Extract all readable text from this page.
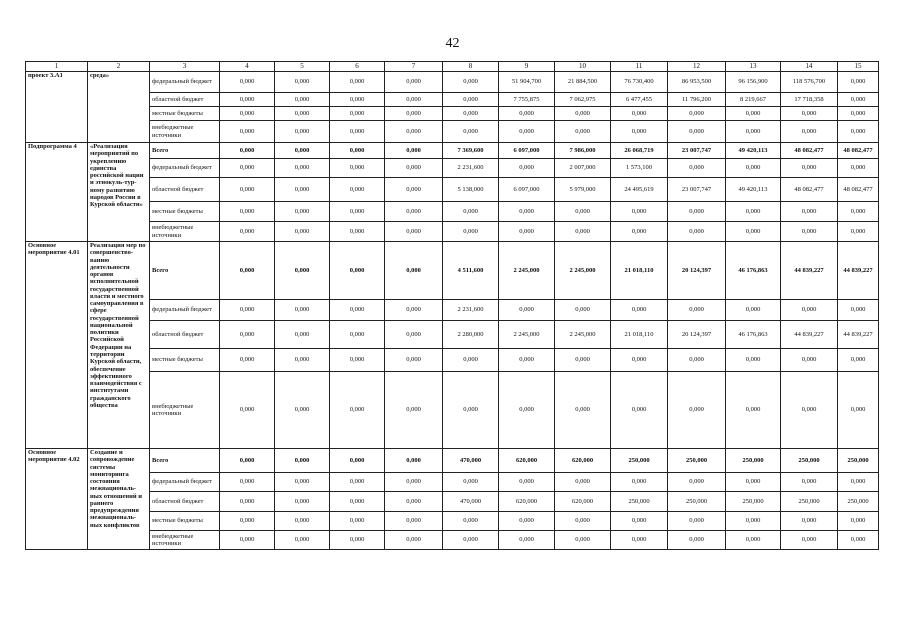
42
1	2	3	4	5	6	7	8	9	10	11	12	13	14	15
проект 3.А1	среда»	федеральный бюджет	0,000	0,000	0,000	0,000	0,000	51 904,700	21 884,500	76 730,400	86 953,500	96 156,900	118 576,700	0,000
		областной бюджет	0,000	0,000	0,000	0,000	0,000	7 755,875	7 062,975	6 477,455	11 796,200	8 219,667	17 718,358	0,000
		местные бюджеты	0,000	0,000	0,000	0,000	0,000	0,000	0,000	0,000	0,000	0,000	0,000	0,000
		внебюджетные источники	0,000	0,000	0,000	0,000	0,000	0,000	0,000	0,000	0,000	0,000	0,000	0,000
Подпрограмма 4	«Реализация мероприятий по укреплению единства российской нации и этнокуль-тур-ному развитию народов России в Курской области»	Всего	0,000	0,000	0,000	0,000	7 369,600	6 097,000	7 986,000	26 068,719	23 007,747	49 420,113	48 082,477	48 082,477
		федеральный бюджет	0,000	0,000	0,000	0,000	2 231,600	0,000	2 007,000	1 573,100	0,000	0,000	0,000	0,000
		областной бюджет	0,000	0,000	0,000	0,000	5 138,000	6 097,000	5 979,000	24 495,619	23 007,747	49 420,113	48 082,477	48 082,477
		местные бюджеты	0,000	0,000	0,000	0,000	0,000	0,000	0,000	0,000	0,000	0,000	0,000	0,000
		внебюджетные источники	0,000	0,000	0,000	0,000	0,000	0,000	0,000	0,000	0,000	0,000	0,000	0,000
Основное мероприятие 4.01	Реализация мер по совершенство-ванию деятельности органов исполнительной государственной власти и местного самоуправления в сфере государственной национальной политики Российской Федерации на территории Курской области, обеспечение эффективного взаимодействия с институтами гражданского общества	Всего	0,000	0,000	0,000	0,000	4 511,600	2 245,000	2 245,000	21 018,110	20 124,397	46 176,863	44 839,227	44 839,227
		федеральный бюджет	0,000	0,000	0,000	0,000	2 231,600	0,000	0,000	0,000	0,000	0,000	0,000	0,000
		областной бюджет	0,000	0,000	0,000	0,000	2 280,000	2 245,000	2 245,000	21 018,110	20 124,397	46 176,863	44 839,227	44 839,227
		местные бюджеты	0,000	0,000	0,000	0,000	0,000	0,000	0,000	0,000	0,000	0,000	0,000	0,000
		внебюджетные источники	0,000	0,000	0,000	0,000	0,000	0,000	0,000	0,000	0,000	0,000	0,000	0,000
Основное мероприятие 4.02	Создание и сопровождение системы мониторинга состояния межнациональ-ных отношений и раннего предупреждения межнациональ-ных конфликтов	Всего	0,000	0,000	0,000	0,000	470,000	620,000	620,000	250,000	250,000	250,000	250,000	250,000
		федеральный бюджет	0,000	0,000	0,000	0,000	0,000	0,000	0,000	0,000	0,000	0,000	0,000	0,000
		областной бюджет	0,000	0,000	0,000	0,000	470,000	620,000	620,000	250,000	250,000	250,000	250,000	250,000
		местные бюджеты	0,000	0,000	0,000	0,000	0,000	0,000	0,000	0,000	0,000	0,000	0,000	0,000
		внебюджетные источники	0,000	0,000	0,000	0,000	0,000	0,000	0,000	0,000	0,000	0,000	0,000	0,000
